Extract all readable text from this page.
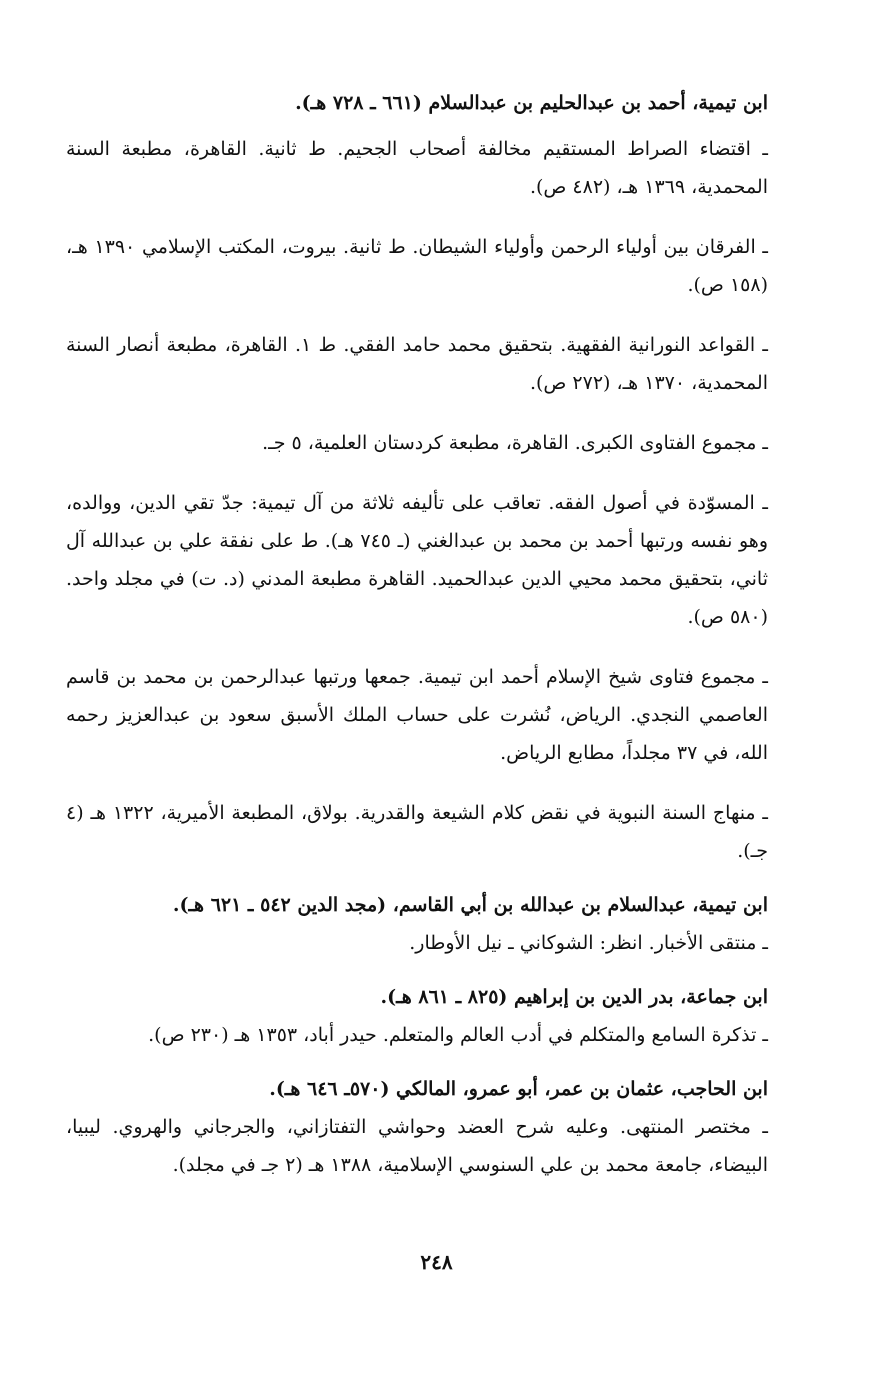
ابن تيمية، أحمد بن عبدالحليم بن عبدالسلام (٦٦١ ـ ٧٢٨ هـ).

ـ اقتضاء الصراط المستقيم مخالفة أصحاب الجحيم. ط ثانية. القاهرة، مطبعة السنة المحمدية، ١٣٦٩ هـ، (٤٨٢ ص).

ـ الفرقان بين أولياء الرحمن وأولياء الشيطان. ط ثانية. بيروت، المكتب الإسلامي ١٣٩٠ هـ، (١٥٨ ص).

ـ القواعد النورانية الفقهية. بتحقيق محمد حامد الفقي. ط ١. القاهرة، مطبعة أنصار السنة المحمدية، ١٣٧٠ هـ، (٢٧٢ ص).

ـ مجموع الفتاوى الكبرى. القاهرة، مطبعة كردستان العلمية، ٥ جـ.

ـ المسوّدة في أصول الفقه. تعاقب على تأليفه ثلاثة من آل تيمية: جدّ تقي الدين، ووالده، وهو نفسه ورتبها أحمد بن محمد بن عبدالغني (ـ ٧٤٥ هـ). ط على نفقة علي بن عبدالله آل ثاني، بتحقيق محمد محيي الدين عبدالحميد. القاهرة مطبعة المدني (د. ت) في مجلد واحد. (٥٨٠ ص).

ـ مجموع فتاوى شيخ الإسلام أحمد ابن تيمية. جمعها ورتبها عبدالرحمن بن محمد بن قاسم العاصمي النجدي. الرياض، نُشرت على حساب الملك الأسبق سعود بن عبدالعزيز رحمه الله، في ٣٧ مجلداً، مطابع الرياض.

ـ منهاج السنة النبوية في نقض كلام الشيعة والقدرية. بولاق، المطبعة الأميرية، ١٣٢٢ هـ (٤ جـ).

ابن تيمية، عبدالسلام بن عبدالله بن أبي القاسم، (مجد الدين ٥٤٢ ـ ٦٢١ هـ).

ـ منتقى الأخبار. انظر: الشوكاني ـ نيل الأوطار.

ابن جماعة، بدر الدين بن إبراهيم (٨٢٥ ـ ٨٦١ هـ).

ـ تذكرة السامع والمتكلم في أدب العالم والمتعلم. حيدر أباد، ١٣٥٣ هـ (٢٣٠ ص).

ابن الحاجب، عثمان بن عمر، أبو عمرو، المالكي (٥٧٠ـ ٦٤٦ هـ).

ـ مختصر المنتهى. وعليه شرح العضد وحواشي التفتازاني، والجرجاني والهروي. ليبيا، البيضاء، جامعة محمد بن علي السنوسي الإسلامية، ١٣٨٨ هـ (٢ جـ في مجلد).

٢٤٨
